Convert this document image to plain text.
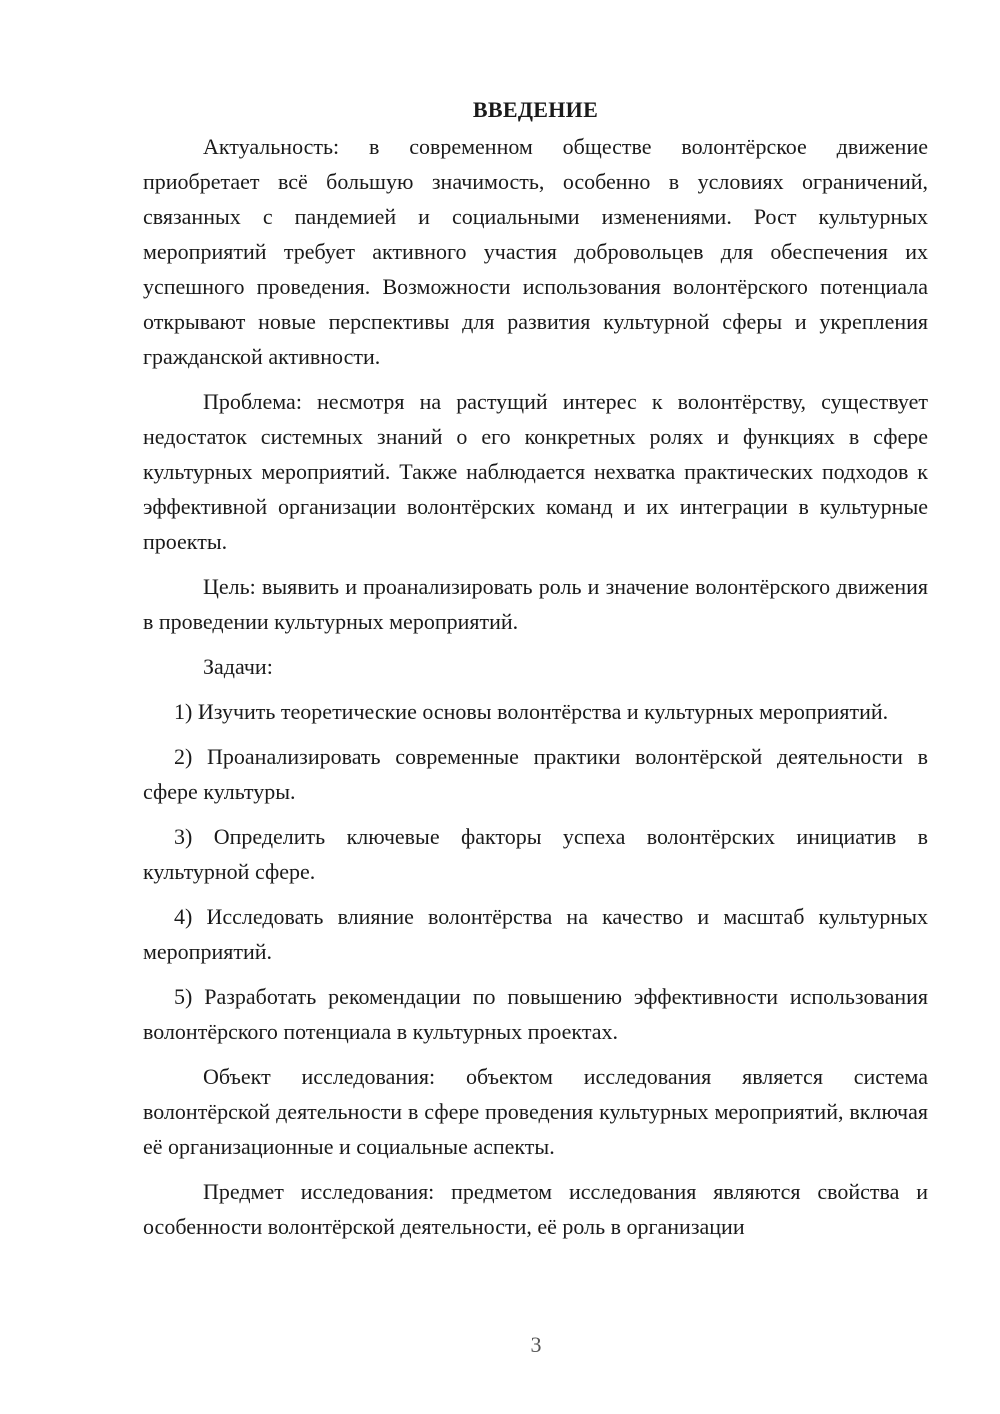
ВВЕДЕНИЕ

Актуальность: в современном обществе волонтёрское движение приобретает всё большую значимость, особенно в условиях ограничений, связанных с пандемией и социальными изменениями. Рост культурных мероприятий требует активного участия добровольцев для обеспечения их успешного проведения. Возможности использования волонтёрского потенциала открывают новые перспективы для развития культурной сферы и укрепления гражданской активности.

Проблема: несмотря на растущий интерес к волонтёрству, существует недостаток системных знаний о его конкретных ролях и функциях в сфере культурных мероприятий. Также наблюдается нехватка практических подходов к эффективной организации волонтёрских команд и их интеграции в культурные проекты.

Цель: выявить и проанализировать роль и значение волонтёрского движения в проведении культурных мероприятий.

Задачи:

1) Изучить теоретические основы волонтёрства и культурных мероприятий.

2) Проанализировать современные практики волонтёрской деятельности в сфере культуры.

3) Определить ключевые факторы успеха волонтёрских инициатив в культурной сфере.

4) Исследовать влияние волонтёрства на качество и масштаб культурных мероприятий.

5) Разработать рекомендации по повышению эффективности использования волонтёрского потенциала в культурных проектах.

Объект исследования: объектом исследования является система волонтёрской деятельности в сфере проведения культурных мероприятий, включая её организационные и социальные аспекты.

Предмет исследования: предметом исследования являются свойства и особенности волонтёрской деятельности, её роль в организации

3
